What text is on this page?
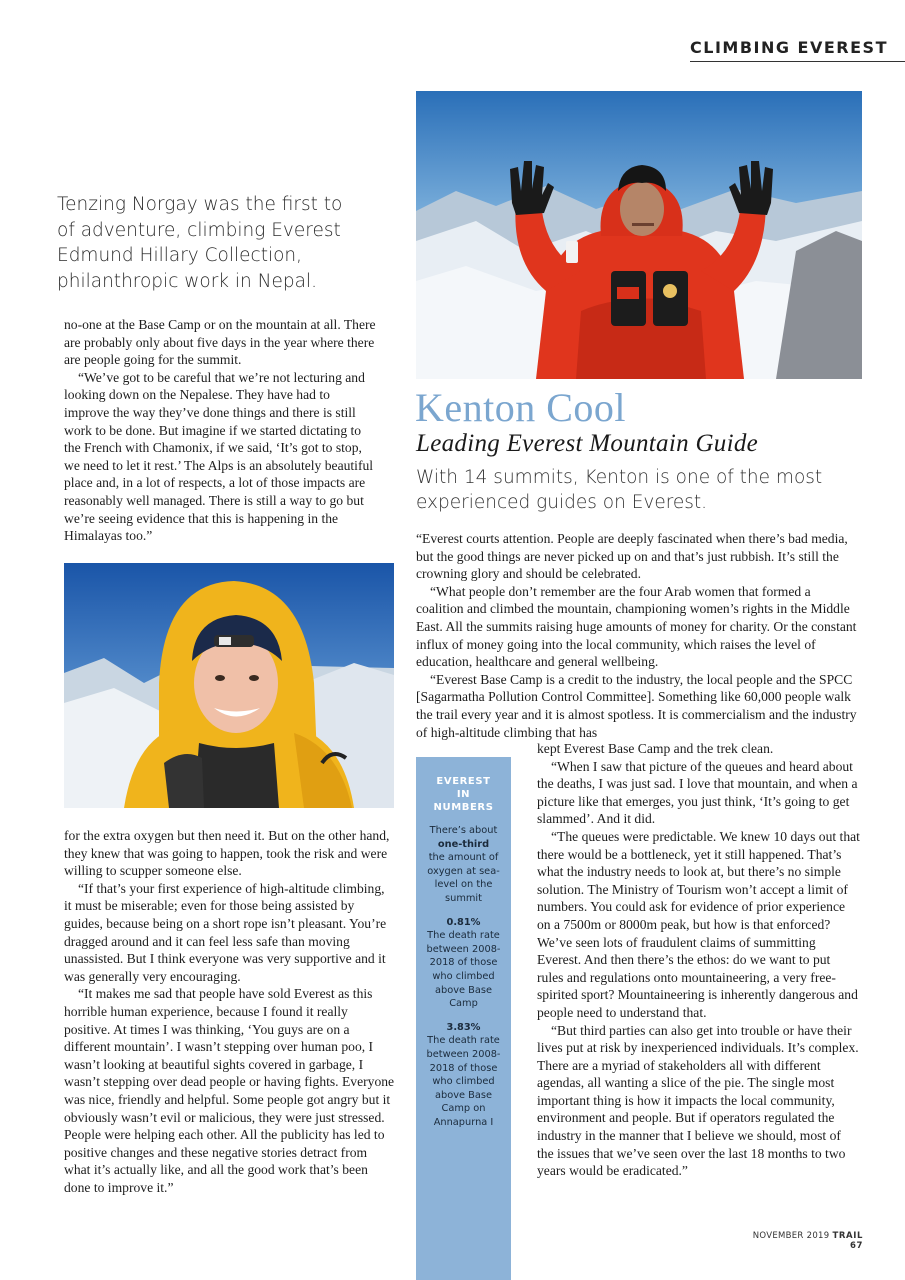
CLIMBING EVEREST
Tenzing Norgay was the first to
of adventure, climbing Everest
Edmund Hillary Collection,
philanthropic work in Nepal.

no-one at the Base Camp or on the mountain at all. There are probably only about five days in the year where there are people going for the summit.

“We’ve got to be careful that we’re not lecturing and looking down on the Nepalese. They have had to improve the way they’ve done things and there is still work to be done. But imagine if we started dictating to the French with Chamonix, if we said, ‘It’s got to stop, we need to let it rest.’ The Alps is an absolutely beautiful place and, in a lot of respects, a lot of those impacts are reasonably well managed. There is still a way to go but we’re seeing evidence that this is happening in the Himalayas too.”

Kenton Cool
Leading Everest Mountain Guide
With 14 summits, Kenton is one of the most experienced guides on Everest.

“Everest courts attention. People are deeply fascinated when there’s bad media, but the good things are never picked up on and that’s just rubbish. It’s still the crowning glory and should be celebrated.

“What people don’t remember are the four Arab women that formed a coalition and climbed the mountain, championing women’s rights in the Middle East. All the summits raising huge amounts of money for charity. Or the constant influx of money going into the local community, which raises the level of education, healthcare and general wellbeing.

“Everest Base Camp is a credit to the industry, the local people and the SPCC [Sagarmatha Pollution Control Committee]. Something like 60,000 people walk the trail every year and it is almost spotless. It is commercialism and the industry of high-altitude climbing that has

for the extra oxygen but then need it. But on the other hand, they knew that was going to happen, took the risk and were willing to scupper someone else.

“If that’s your first experience of high-altitude climbing, it must be miserable; even for those being assisted by guides, because being on a short rope isn’t pleasant. You’re dragged around and it can feel less safe than moving unassisted. But I think everyone was very supportive and it was generally very encouraging.

“It makes me sad that people have sold Everest as this horrible human experience, because I found it really positive. At times I was thinking, ‘You guys are on a different mountain’. I wasn’t stepping over human poo, I wasn’t looking at beautiful sights covered in garbage, I wasn’t stepping over dead people or having fights. Everyone was nice, friendly and helpful. Some people got angry but it obviously wasn’t evil or malicious, they were just stressed. People were helping each other. All the publicity has led to positive changes and these negative stories detract from what it’s actually like, and all the good work that’s been done to improve it.”

EVEREST IN NUMBERS
There’s about
one-third
the amount of oxygen at sea-level on the summit
0.81%
The death rate between 2008-2018 of those who climbed above Base Camp
3.83%
The death rate between 2008-2018 of those who climbed above Base Camp on Annapurna I

kept Everest Base Camp and the trek clean.

“When I saw that picture of the queues and heard about the deaths, I was just sad. I love that mountain, and when a picture like that emerges, you just think, ‘It’s going to get slammed’. And it did.

“The queues were predictable. We knew 10 days out that there would be a bottleneck, yet it still happened. That’s what the industry needs to look at, but there’s no simple solution. The Ministry of Tourism won’t accept a limit of numbers. You could ask for evidence of prior experience on a 7500m or 8000m peak, but how is that enforced? We’ve seen lots of fraudulent claims of summitting Everest. And then there’s the ethos: do we want to put rules and regulations onto mountaineering, a very free-spirited sport? Mountaineering is inherently dangerous and people need to understand that.

“But third parties can also get into trouble or have their lives put at risk by inexperienced individuals. It’s complex. There are a myriad of stakeholders all with different agendas, all wanting a slice of the pie. The single most important thing is how it impacts the local community, environment and people. But if operators regulated the industry in the manner that I believe we should, most of the issues that we’ve seen over the last 18 months to two years would be eradicated.”

NOVEMBER 2019 TRAIL 67
